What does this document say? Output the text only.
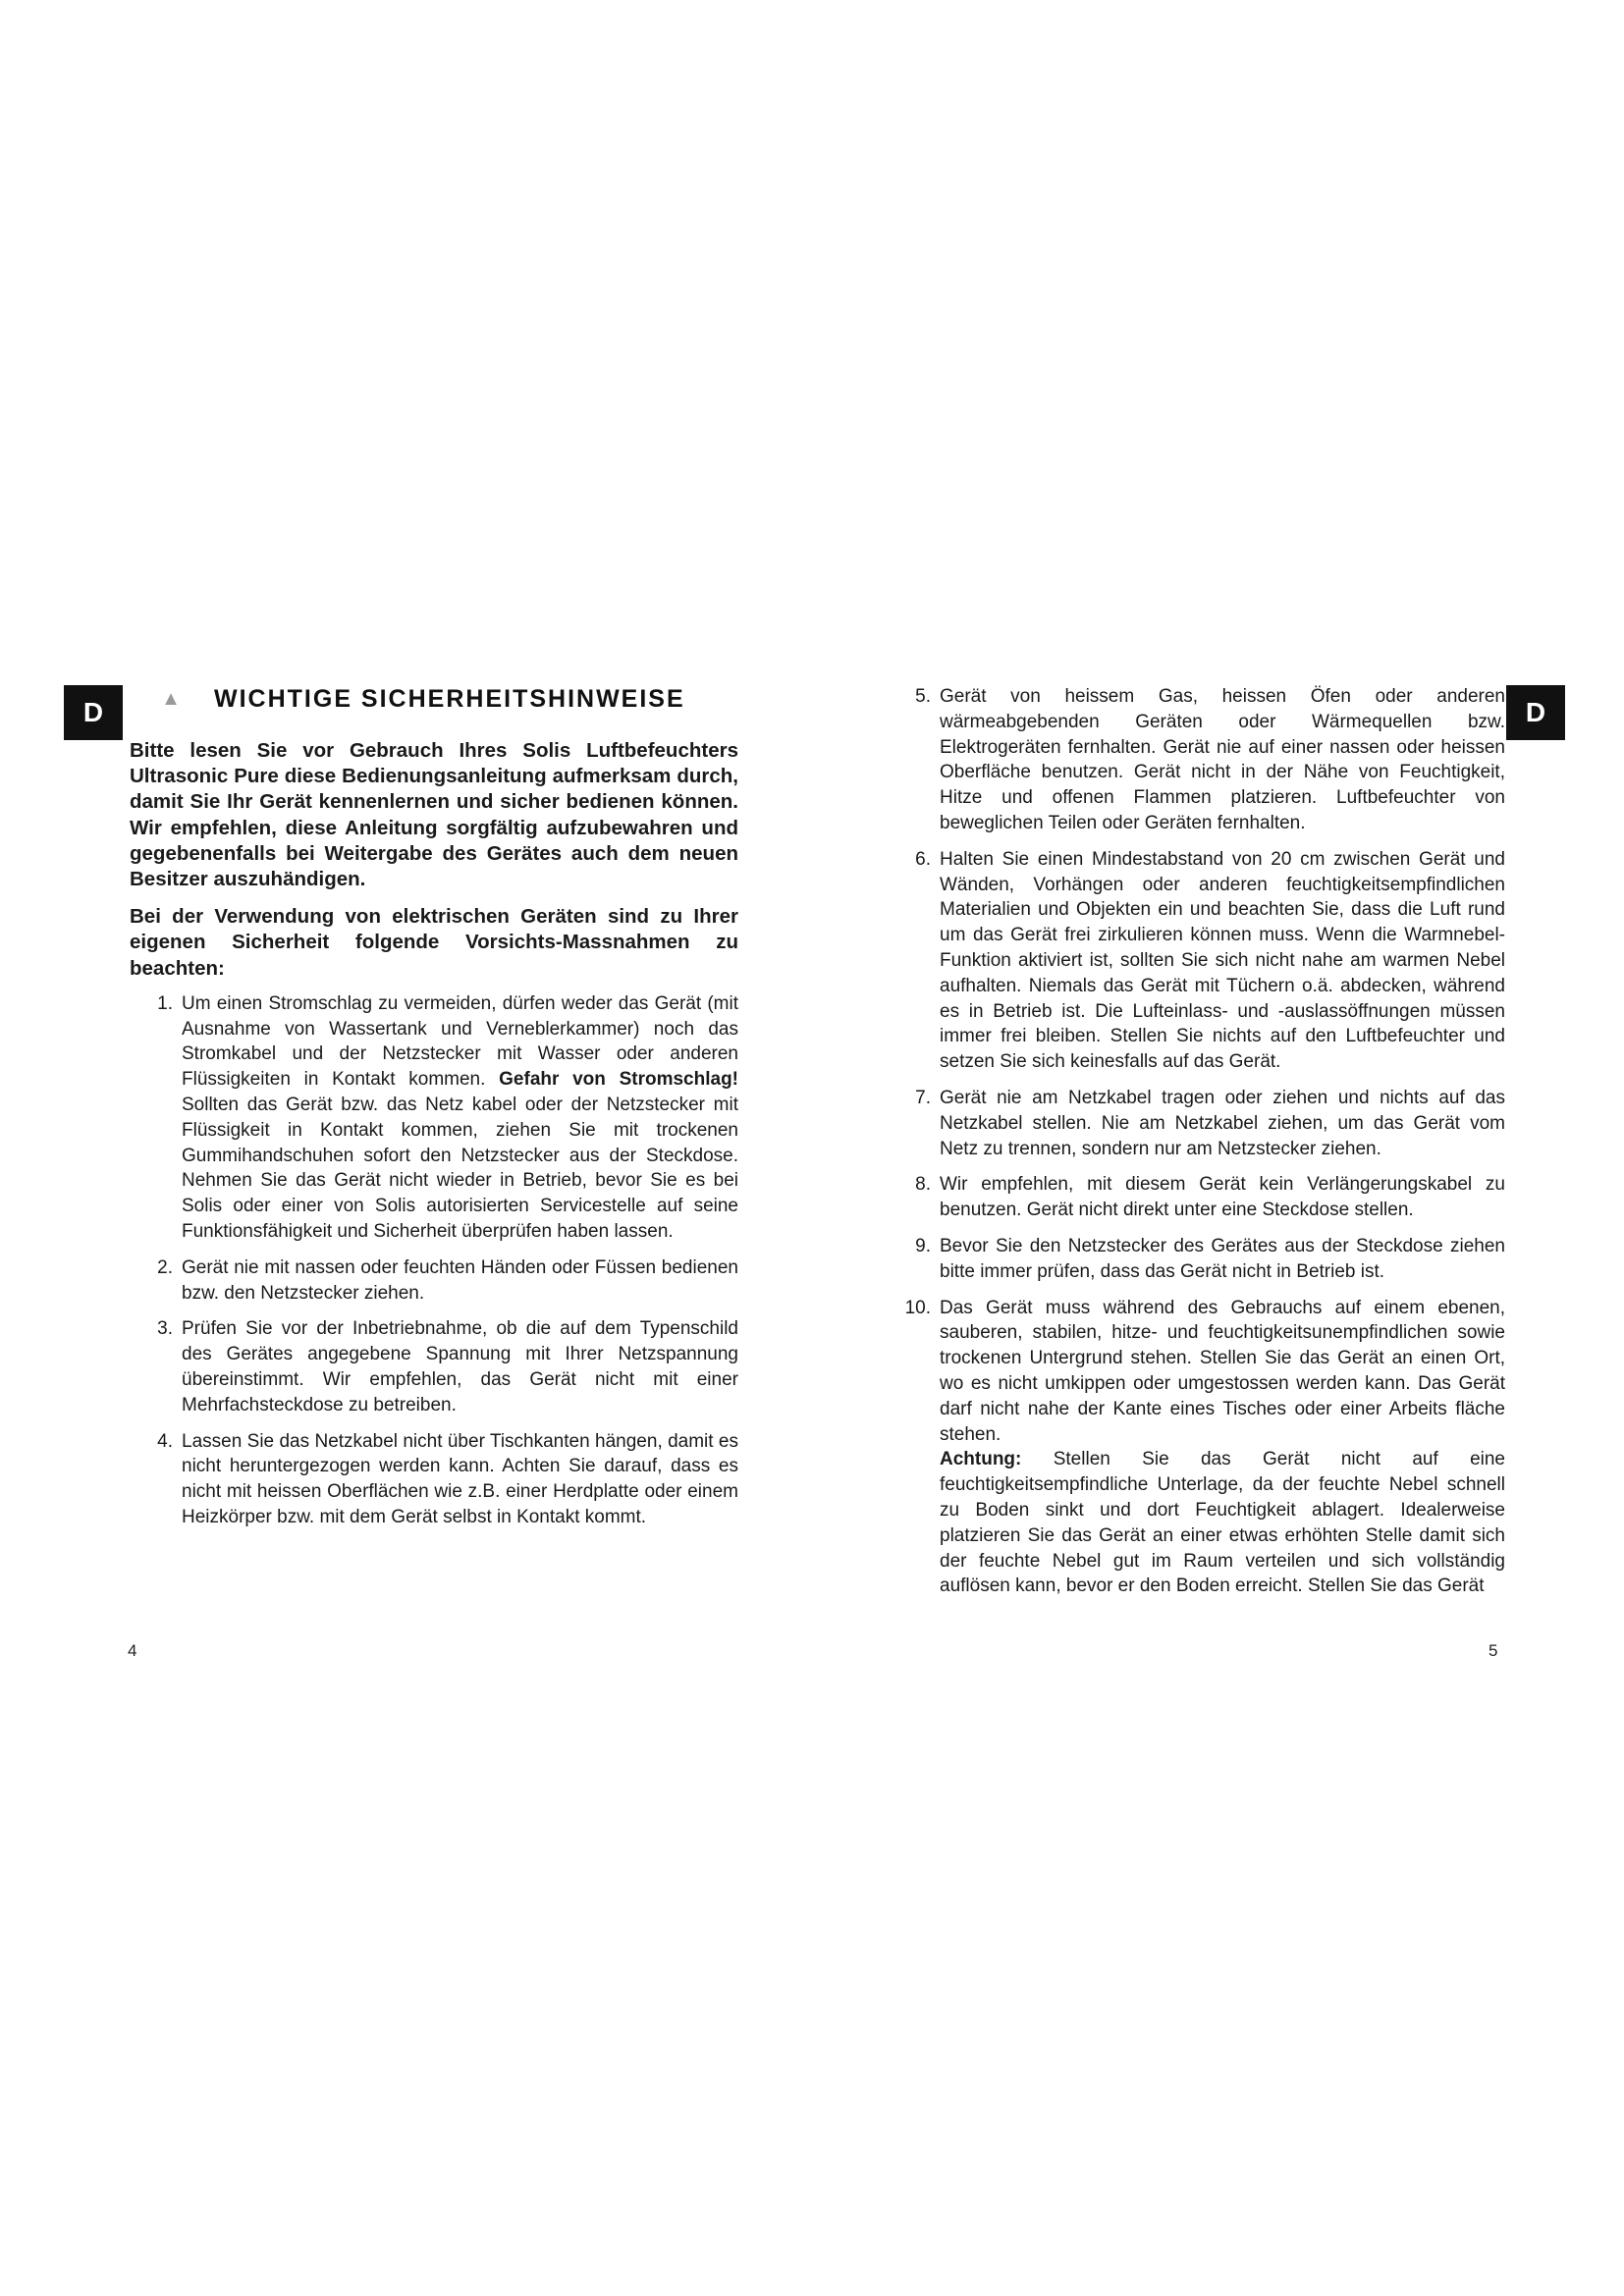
D	D
▲ WICHTIGE SICHERHEITSHINWEISE

Bitte lesen Sie vor Gebrauch Ihres Solis Luftbefeuchters Ultrasonic Pure diese Bedienungsanleitung aufmerksam durch, damit Sie Ihr Gerät kennenlernen und sicher bedienen können. Wir empfehlen, diese Anleitung sorgfältig aufzubewahren und gegebenenfalls bei Weitergabe des Gerätes auch dem neuen Besitzer auszuhändigen.

Bei der Verwendung von elektrischen Geräten sind zu Ihrer eigenen Sicherheit folgende Vorsichts-Massnahmen zu beachten:

1. Um einen Stromschlag zu vermeiden, dürfen weder das Gerät (mit Ausnahme von Wassertank und Verneblerkammer) noch das Stromkabel und der Netzstecker mit Wasser oder anderen Flüssigkeiten in Kontakt kommen. Gefahr von Stromschlag! Sollten das Gerät bzw. das Netz kabel oder der Netzstecker mit Flüssigkeit in Kontakt kommen, ziehen Sie mit trockenen Gummihandschuhen sofort den Netzstecker aus der Steckdose. Nehmen Sie das Gerät nicht wieder in Betrieb, bevor Sie es bei Solis oder einer von Solis autorisierten Servicestelle auf seine Funktionsfähigkeit und Sicherheit überprüfen haben lassen.
2. Gerät nie mit nassen oder feuchten Händen oder Füssen bedienen bzw. den Netzstecker ziehen.
3. Prüfen Sie vor der Inbetriebnahme, ob die auf dem Typenschild des Gerätes angegebene Spannung mit Ihrer Netzspannung übereinstimmt. Wir empfehlen, das Gerät nicht mit einer Mehrfachsteckdose zu betreiben.
4. Lassen Sie das Netzkabel nicht über Tischkanten hängen, damit es nicht heruntergezogen werden kann. Achten Sie darauf, dass es nicht mit heissen Oberflächen wie z.B. einer Herdplatte oder einem Heizkörper bzw. mit dem Gerät selbst in Kontakt kommt.
5. Gerät von heissem Gas, heissen Öfen oder anderen wärmeabgebenden Geräten oder Wärmequellen bzw. Elektrogeräten fernhalten. Gerät nie auf einer nassen oder heissen Oberfläche benutzen. Gerät nicht in der Nähe von Feuchtigkeit, Hitze und offenen Flammen platzieren. Luftbefeuchter von beweglichen Teilen oder Geräten fernhalten.
6. Halten Sie einen Mindestabstand von 20 cm zwischen Gerät und Wänden, Vorhängen oder anderen feuchtigkeitsempfindlichen Materialien und Objekten ein und beachten Sie, dass die Luft rund um das Gerät frei zirkulieren können muss. Wenn die Warmnebel-Funktion aktiviert ist, sollten Sie sich nicht nahe am warmen Nebel aufhalten. Niemals das Gerät mit Tüchern o.ä. abdecken, während es in Betrieb ist. Die Lufteinlass- und -auslassöffnungen müssen immer frei bleiben. Stellen Sie nichts auf den Luftbefeuchter und setzen Sie sich keinesfalls auf das Gerät.
7. Gerät nie am Netzkabel tragen oder ziehen und nichts auf das Netzkabel stellen. Nie am Netzkabel ziehen, um das Gerät vom Netz zu trennen, sondern nur am Netzstecker ziehen.
8. Wir empfehlen, mit diesem Gerät kein Verlängerungskabel zu benutzen. Gerät nicht direkt unter eine Steckdose stellen.
9. Bevor Sie den Netzstecker des Gerätes aus der Steckdose ziehen bitte immer prüfen, dass das Gerät nicht in Betrieb ist.
10. Das Gerät muss während des Gebrauchs auf einem ebenen, sauberen, stabilen, hitze- und feuchtigkeitsunempfindlichen sowie trockenen Untergrund stehen. Stellen Sie das Gerät an einen Ort, wo es nicht umkippen oder umgestossen werden kann. Das Gerät darf nicht nahe der Kante eines Tisches oder einer Arbeits fläche stehen.
Achtung: Stellen Sie das Gerät nicht auf eine feuchtigkeitsempfindliche Unterlage, da der feuchte Nebel schnell zu Boden sinkt und dort Feuchtigkeit ablagert. Idealerweise platzieren Sie das Gerät an einer etwas erhöhten Stelle damit sich der feuchte Nebel gut im Raum verteilen und sich vollständig auflösen kann, bevor er den Boden erreicht. Stellen Sie das Gerät
4	5
